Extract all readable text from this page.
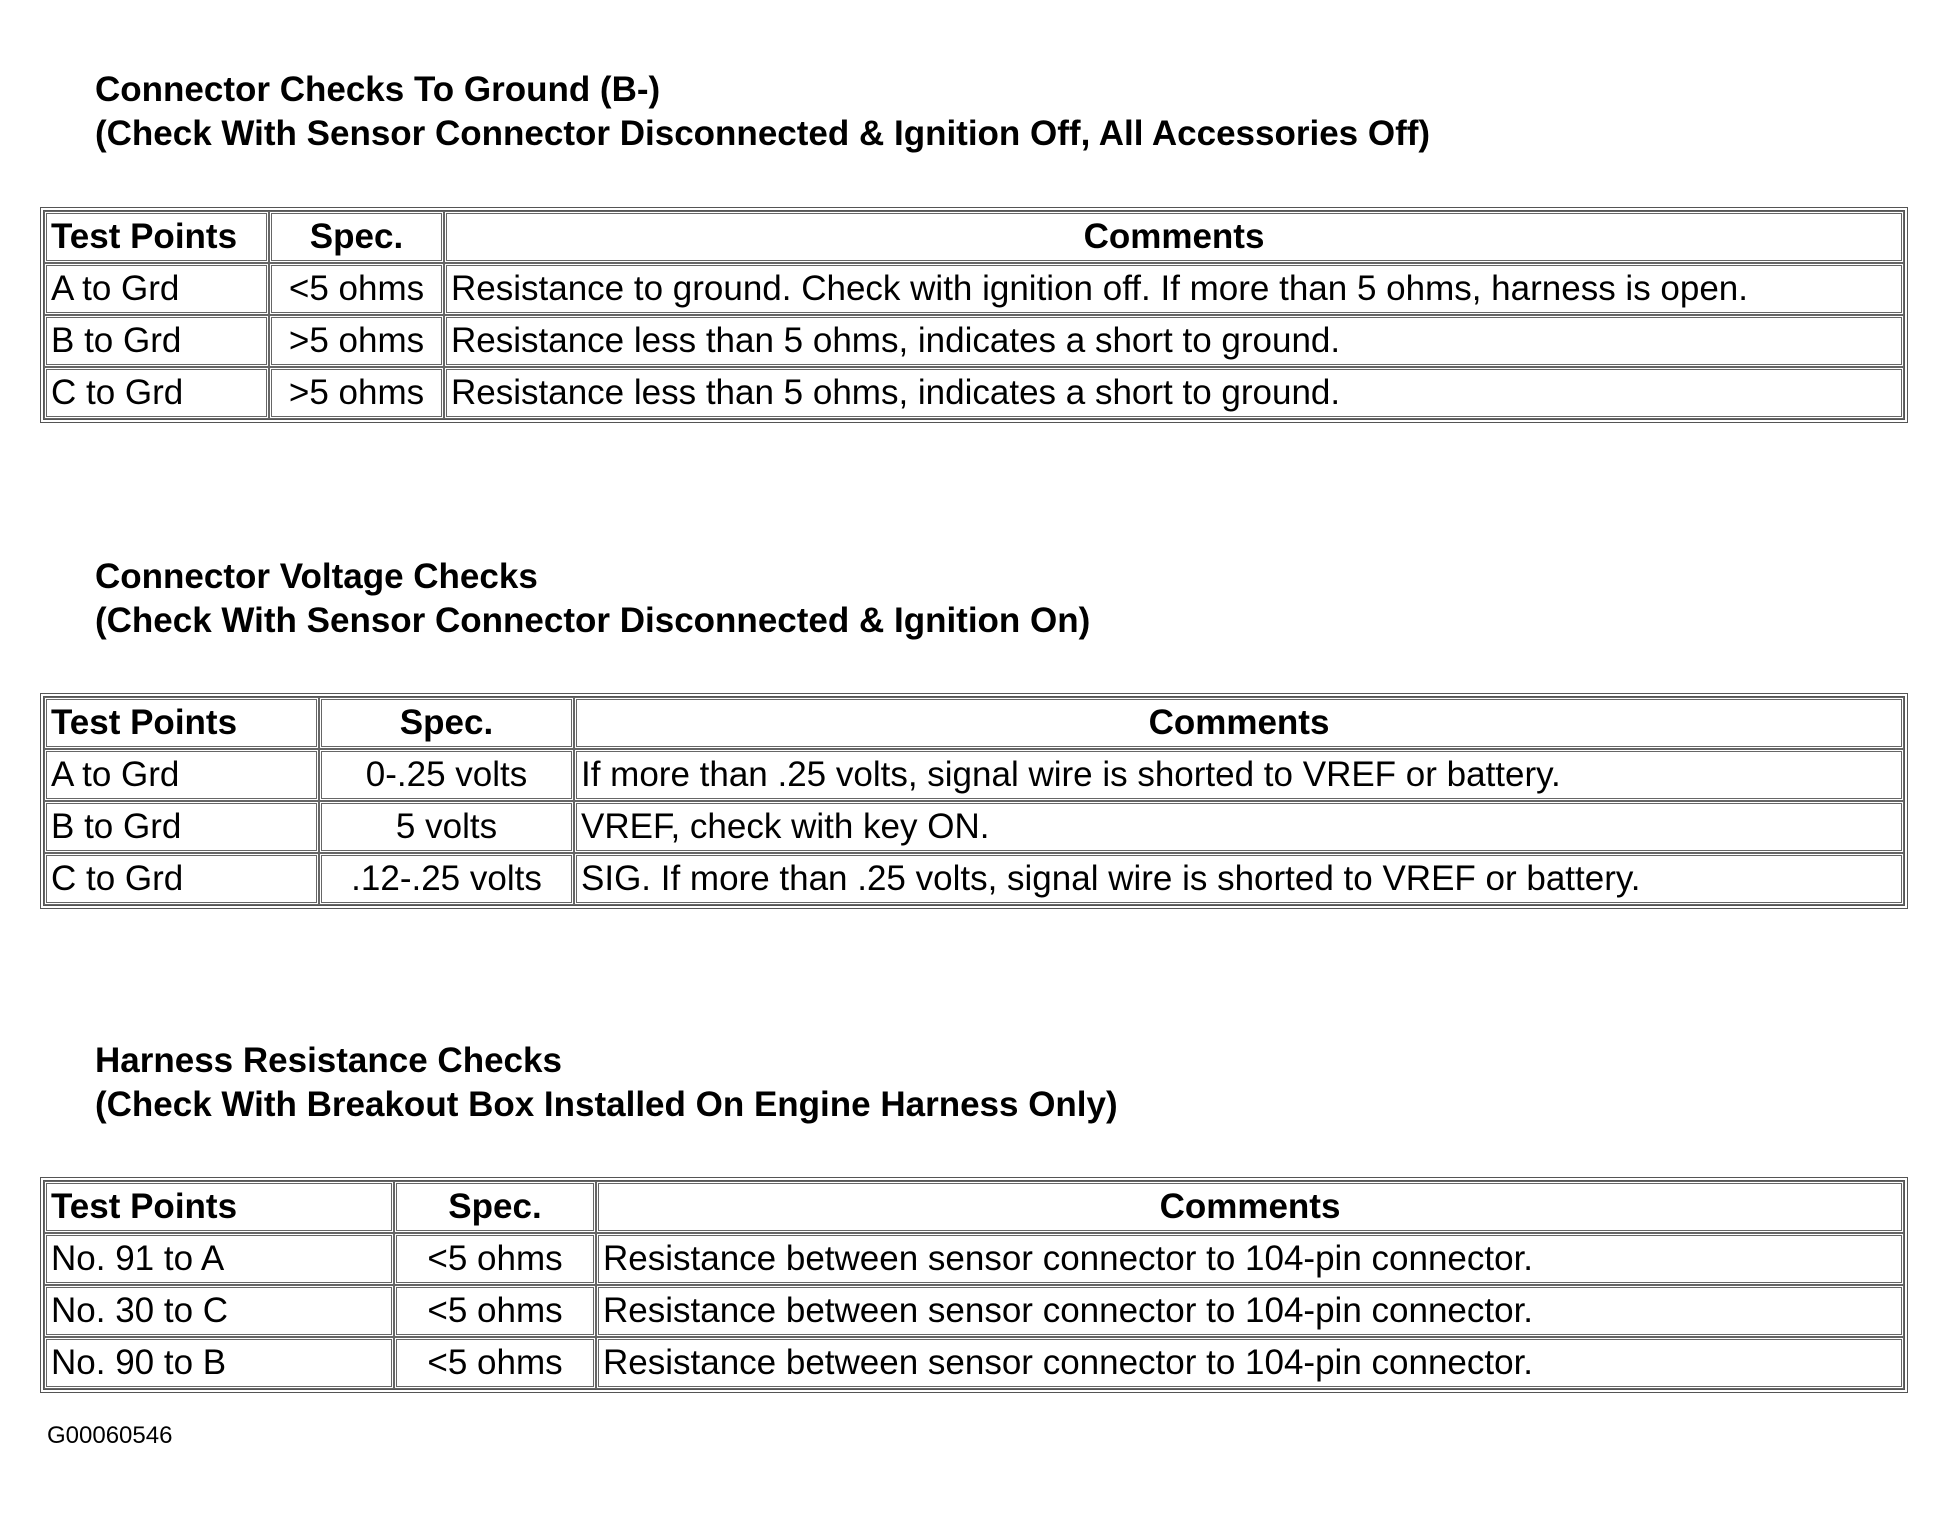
Connector Checks To Ground (B-)
(Check With Sensor Connector Disconnected & Ignition Off, All Accessories Off)
Test Points	Spec.	Comments
A to Grd	<5 ohms	Resistance to ground. Check with ignition off. If more than 5 ohms, harness is open.
B to Grd	>5 ohms	Resistance less than 5 ohms, indicates a short to ground.
C to Grd	>5 ohms	Resistance less than 5 ohms, indicates a short to ground.
Connector Voltage Checks
(Check With Sensor Connector Disconnected & Ignition On)
Test Points	Spec.	Comments
A to Grd	0-.25 volts	If more than .25 volts, signal wire is shorted to VREF or battery.
B to Grd	5 volts	VREF, check with key ON.
C to Grd	.12-.25 volts	SIG. If more than .25 volts, signal wire is shorted to VREF or battery.
Harness Resistance Checks
(Check With Breakout Box Installed On Engine Harness Only)
Test Points	Spec.	Comments
No. 91 to A	<5 ohms	Resistance between sensor connector to 104-pin connector.
No. 30 to C	<5 ohms	Resistance between sensor connector to 104-pin connector.
No. 90 to B	<5 ohms	Resistance between sensor connector to 104-pin connector.
G00060546
